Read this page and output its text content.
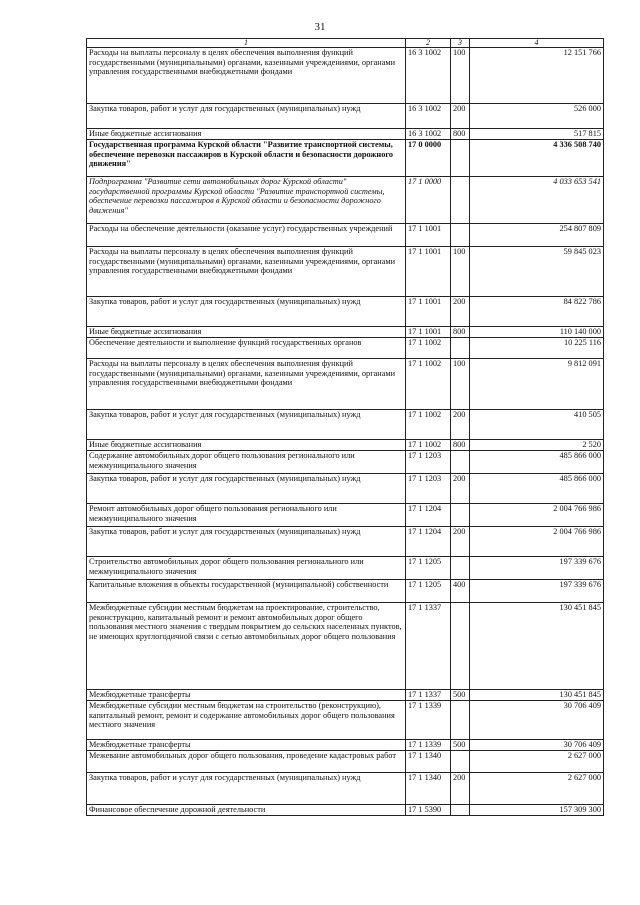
31
1	2	3	4
Расходы на выплаты персоналу в целях обеспечения выполнения функций государственными (муниципальными) органами, казенными учреждениями, органами управления государственными внебюджетными фондами	16 3 1002	100	12 151 766
Закупка товаров, работ и услуг для государственных (муниципальных) нужд	16 3 1002	200	526 000
Иные бюджетные ассигнования	16 3 1002	800	517 815
Государственная программа Курской области "Развитие транспортной системы, обеспечение перевозки пассажиров в Курской области и безопасности дорожного движения"	17 0 0000		4 336 508 740
Подпрограмма "Развитие сети автомобильных дорог Курской области" государственной программы Курской области "Развитие транспортной системы, обеспечение перевозки пассажиров в Курской области и безопасности дорожного движения"	17 1 0000		4 033 653 541
Расходы на обеспечение деятельности (оказание услуг) государственных учреждений	17 1 1001		254 807 809
Расходы на выплаты персоналу в целях обеспечения выполнения функций государственными (муниципальными) органами, казенными учреждениями, органами управления государственными внебюджетными фондами	17 1 1001	100	59 845 023
Закупка товаров, работ и услуг для государственных (муниципальных) нужд	17 1 1001	200	84 822 786
Иные бюджетные ассигнования	17 1 1001	800	110 140 000
Обеспечение деятельности и выполнение функций государственных органов	17 1 1002		10 225 116
Расходы на выплаты персоналу в целях обеспечения выполнения функций государственными (муниципальными) органами, казенными учреждениями, органами управления государственными внебюджетными фондами	17 1 1002	100	9 812 091
Закупка товаров, работ и услуг для государственных (муниципальных) нужд	17 1 1002	200	410 505
Иные бюджетные ассигнования	17 1 1002	800	2 520
Содержание автомобильных дорог общего пользования регионального или межмуниципального значения	17 1 1203		485 866 000
Закупка товаров, работ и услуг для государственных (муниципальных) нужд	17 1 1203	200	485 866 000
Ремонт автомобильных дорог общего пользования регионального или межмуниципального значения	17 1 1204		2 004 766 986
Закупка товаров, работ и услуг для государственных (муниципальных) нужд	17 1 1204	200	2 004 766 986
Строительство автомобильных дорог общего пользования регионального или межмуниципального значения	17 1 1205		197 339 676
Капитальные вложения в объекты государственной (муниципальной) собственности	17 1 1205	400	197 339 676
Межбюджетные субсидии местным бюджетам на проектирование, строительство, реконструкцию, капитальный ремонт и ремонт автомобильных дорог общего пользования местного значения с твердым покрытием до сельских населенных пунктов, не имеющих круглогодичной связи с сетью автомобильных дорог общего пользования	17 1 1337		130 451 845
Межбюджетные трансферты	17 1 1337	500	130 451 845
Межбюджетные субсидии местным бюджетам на строительство (реконструкцию), капитальный ремонт, ремонт и содержание автомобильных дорог общего пользования местного значения	17 1 1339		30 706 409
Межбюджетные трансферты	17 1 1339	500	30 706 409
Межевание автомобильных дорог общего пользования, проведение кадастровых работ	17 1 1340		2 627 000
Закупка товаров, работ и услуг для государственных (муниципальных) нужд	17 1 1340	200	2 627 000
Финансовое обеспечение дорожной деятельности	17 1 5390		157 309 300
